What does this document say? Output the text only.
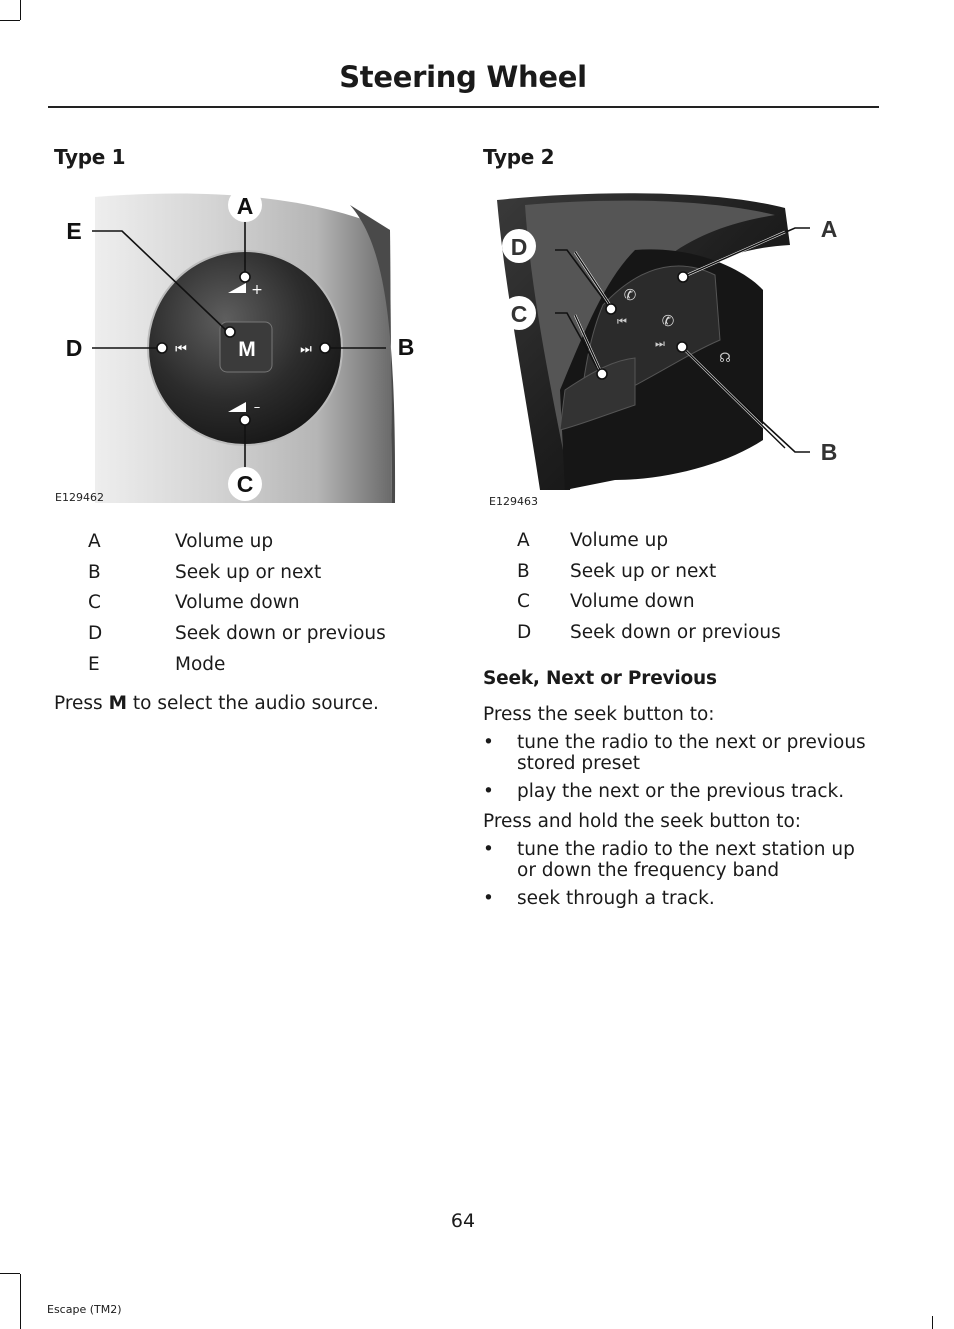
Steering Wheel
Type 1
M
+
–
⏮	⏭
A
C
D	B
E
E129462
A	Volume up
B	Seek up or next
C	Volume down
D	Seek down or previous
E	Mode
Press M to select the audio source.
Type 2
✆
✆
⏮
⏭
☊
D
C
A
B
E129463
A	Volume up
B	Seek up or next
C	Volume down
D	Seek down or previous
Seek, Next or Previous
Press the seek button to:
• tune the radio to the next or previous stored preset
• play the next or the previous track.
Press and hold the seek button to:
• tune the radio to the next station up or down the frequency band
• seek through a track.
64
Escape (TM2)
